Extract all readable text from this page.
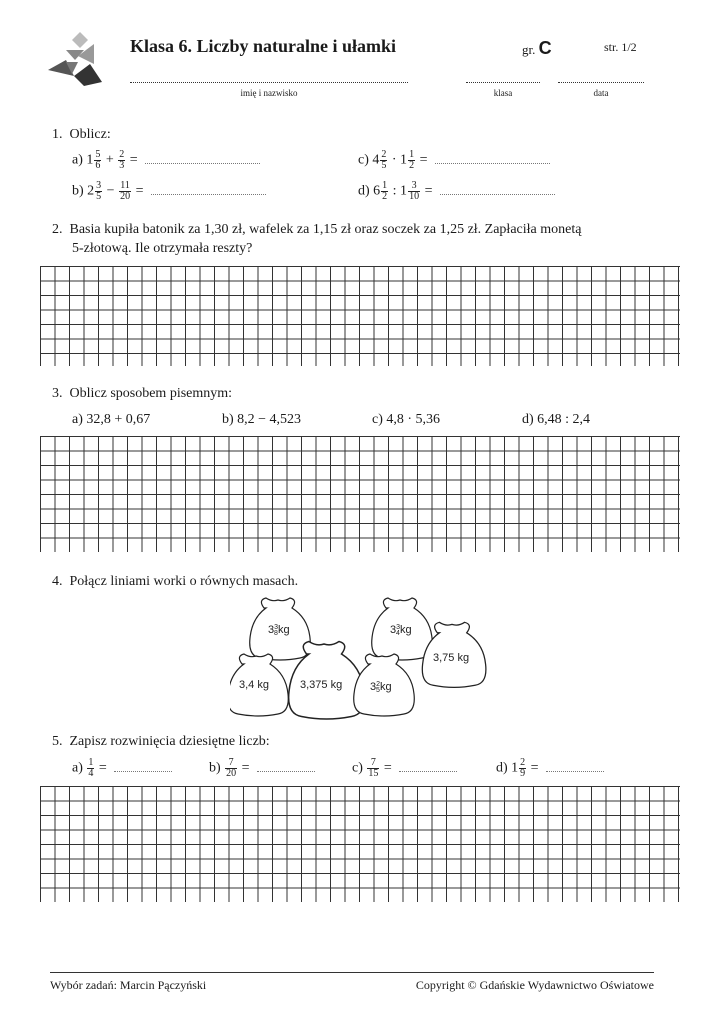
Klasa 6. Liczby naturalne i ułamki	gr. C	str. 1/2
imię i nazwisko	klasa	data
1. Oblicz:
a) $1 \frac{5}{6} + \frac{2}{3}$ =	c) $4 \frac{2}{5} \cdot 1 \frac{1}{2}$ =
b) $2 \frac{3}{5} - \frac{11}{20}$ =	d) $6 \frac{1}{2}$ : $1 \frac{3}{10}$ =
2. Basia kupiła batonik za 1,30 zł, wafelek za 1,15 zł oraz soczek za 1,25 zł. Zapłaciła monetą
5-złotową. Ile otrzymała reszty?
3. Oblicz sposobem pisemnym:
a) 32,8 + 0,67	b) 8,2 − 4,523	c) 4,8 · 5,36	d) 6,48 : 2,4
4. Połącz liniami worki o równych masach.
$3^3$ 8kg	$3^3$ 4kg
3,75 kg
3,4 kg	3,375 kg	$3^2$ 5kg
5. Zapisz rozwinięcia dziesiętne liczb:
$a) \frac{1}{4}$ =	$b) \frac{7}{20}$ =	$c) \frac{7}{15}$ =	d) $1 \frac{2}{9}$ =
Wybór zadań: Marcin Pączyński	Copyright © Gdańskie Wydawnictwo Oświatowe
